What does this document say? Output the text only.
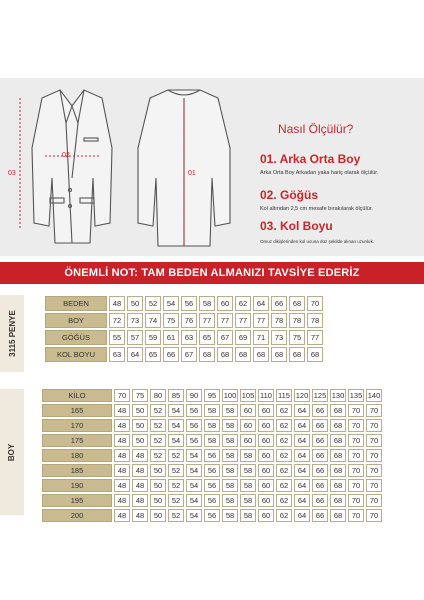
02
03	01
Nasıl Ölçülür?
01. Arka Orta Boy
Arka Orta Boy Arkadan yaka hariç olarak ölçülür.
02. Göğüs
Kol altından 2,5 cm mesafe bırakılarak ölçülür.
03. Kol Boyu
Omuz dikişlerinden kol ucuna düz şekilde alınan uzunluk.
ÖNEMLİ NOT: TAM BEDEN ALMANIZI TAVSİYE EDERİZ
3115 PENYE
BEDEN	48	50	52	54	56	58	60	62	64	66	68	70
BOY	72	73	74	75	76	77	77	77	77	78	78	78
GÖĞÜS	55	57	59	61	63	65	67	69	71	73	75	77
KOL BOYU	63	64	65	66	67	68	68	68	68	68	68	68
BOY
KİLO	70	75	80	85	90	95	100	105	110	115	120	125	130	135	140
165	48	50	52	54	56	58	58	60	60	62	64	66	68	70	70
170	48	50	52	54	56	58	58	60	60	62	64	66	68	70	70
175	48	50	52	54	56	58	58	60	60	62	64	66	68	70	70
180	48	48	52	52	54	56	58	58	60	62	64	66	68	70	70
185	48	48	50	52	54	56	58	58	60	62	64	66	68	70	70
190	48	48	50	52	54	56	58	58	60	62	64	66	68	70	70
195	48	48	50	52	54	56	58	58	60	62	64	66	68	70	70
200	48	48	50	52	54	56	58	58	60	62	64	66	68	70	70
